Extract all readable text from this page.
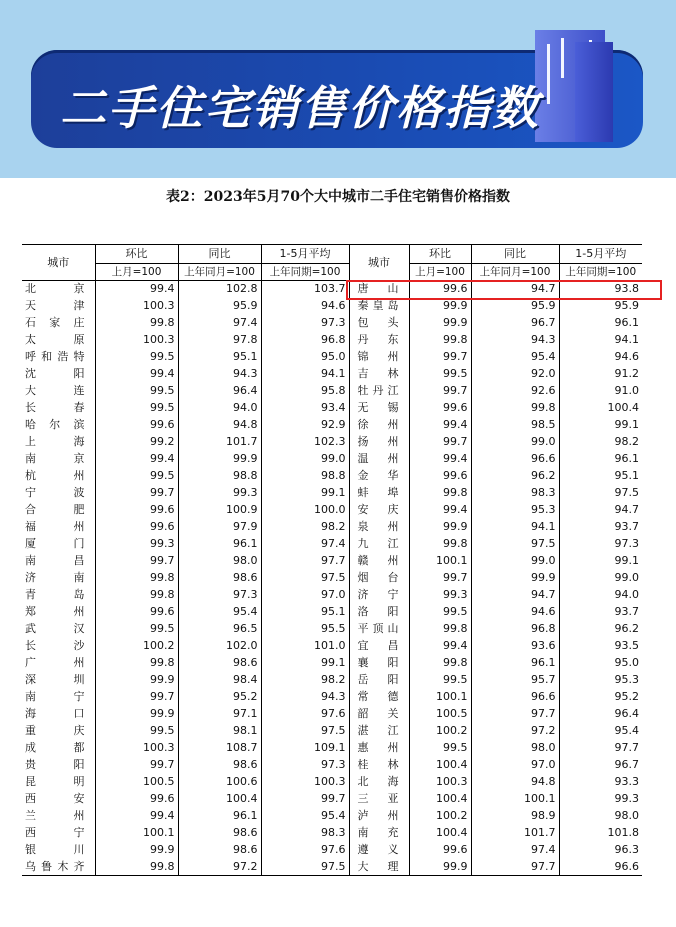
二手住宅销售价格指数
表2：2023年5月70个大中城市二手住宅销售价格指数
城市	环比	同比	1-5月平均	城市	环比	同比	1-5月平均
	上月=100	上年同月=100	上年同期=100		上月=100	上年同月=100	上年同期=100
北　京	99.4	102.8	103.7	唐　山	99.6	94.7	93.8
天　津	100.3	95.9	94.6	秦皇岛	99.9	95.9	95.9
石家庄	99.8	97.4	97.3	包　头	99.9	96.7	96.1
太　原	100.3	97.8	96.8	丹　东	99.8	94.3	94.1
呼和浩特	99.5	95.1	95.0	锦　州	99.7	95.4	94.6
沈　阳	99.4	94.3	94.1	吉　林	99.5	92.0	91.2
大　连	99.5	96.4	95.8	牡丹江	99.7	92.6	91.0
长　春	99.5	94.0	93.4	无　锡	99.6	99.8	100.4
哈尔滨	99.6	94.8	92.9	徐　州	99.4	98.5	99.1
上　海	99.2	101.7	102.3	扬　州	99.7	99.0	98.2
南　京	99.4	99.9	99.0	温　州	99.4	96.6	96.1
杭　州	99.5	98.8	98.8	金　华	99.6	96.2	95.1
宁　波	99.7	99.3	99.1	蚌　埠	99.8	98.3	97.5
合　肥	99.6	100.9	100.0	安　庆	99.4	95.3	94.7
福　州	99.6	97.9	98.2	泉　州	99.9	94.1	93.7
厦　门	99.3	96.1	97.4	九　江	99.8	97.5	97.3
南　昌	99.7	98.0	97.7	赣　州	100.1	99.0	99.1
济　南	99.8	98.6	97.5	烟　台	99.7	99.9	99.0
青　岛	99.8	97.3	97.0	济　宁	99.3	94.7	94.0
郑　州	99.6	95.4	95.1	洛　阳	99.5	94.6	93.7
武　汉	99.5	96.5	95.5	平顶山	99.8	96.8	96.2
长　沙	100.2	102.0	101.0	宜　昌	99.4	93.6	93.5
广　州	99.8	98.6	99.1	襄　阳	99.8	96.1	95.0
深　圳	99.9	98.4	98.2	岳　阳	99.5	95.7	95.3
南　宁	99.7	95.2	94.3	常　德	100.1	96.6	95.2
海　口	99.9	97.1	97.6	韶　关	100.5	97.7	96.4
重　庆	99.5	98.1	97.5	湛　江	100.2	97.2	95.4
成　都	100.3	108.7	109.1	惠　州	99.5	98.0	97.7
贵　阳	99.7	98.6	97.3	桂　林	100.4	97.0	96.7
昆　明	100.5	100.6	100.3	北　海	100.3	94.8	93.3
西　安	99.6	100.4	99.7	三　亚	100.4	100.1	99.3
兰　州	99.4	96.1	95.4	泸　州	100.2	98.9	98.0
西　宁	100.1	98.6	98.3	南　充	100.4	101.7	101.8
银　川	99.9	98.6	97.6	遵　义	99.6	97.4	96.3
乌鲁木齐	99.8	97.2	97.5	大　理	99.9	97.7	96.6
